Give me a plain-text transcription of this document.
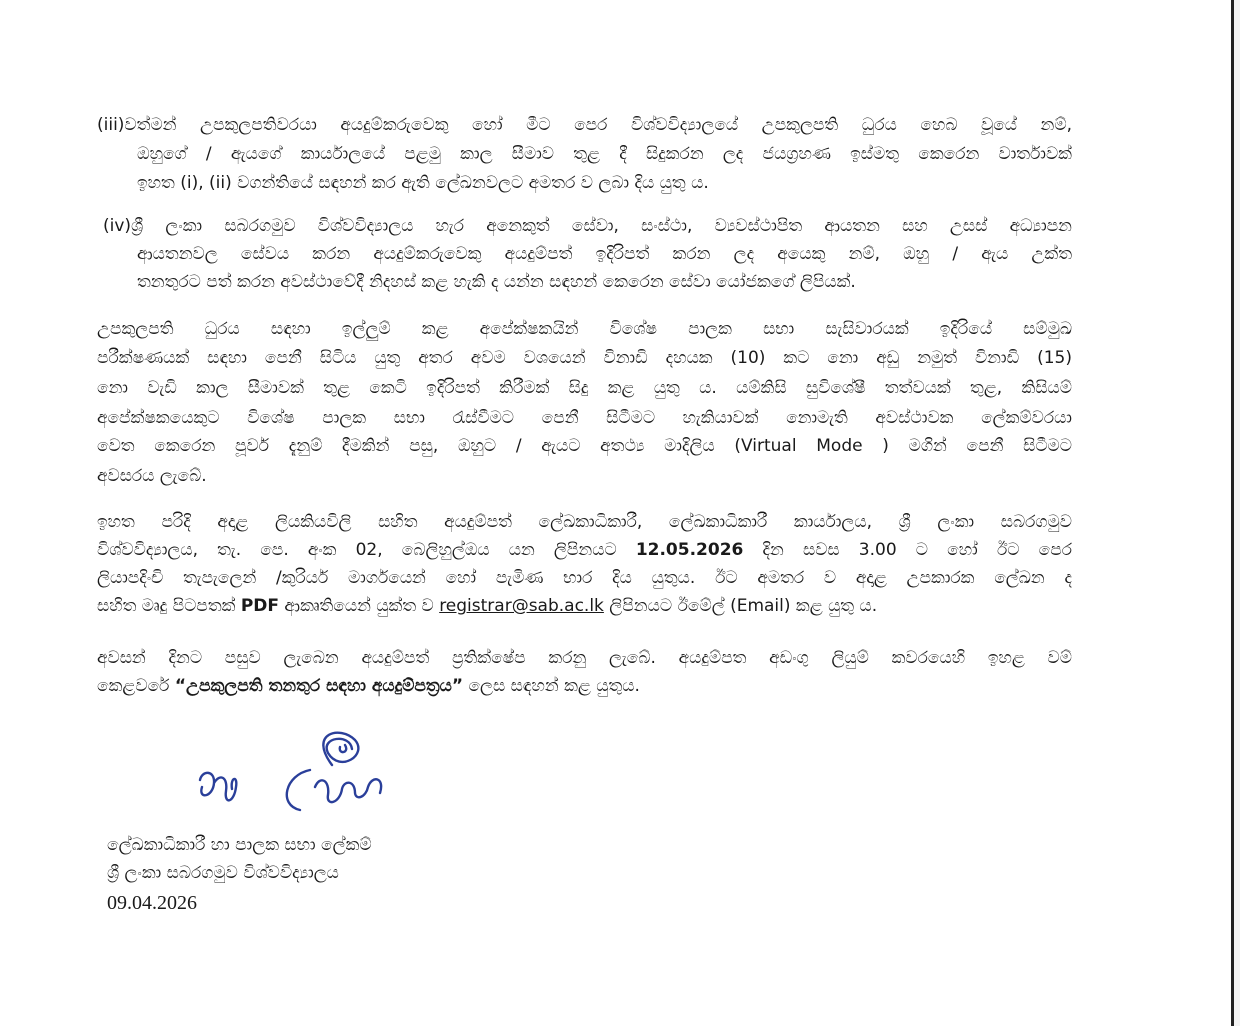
(iii)වත්මන් උපකුලපතිවරයා අයදුම්කරුවෙකු හෝ මීට පෙර විශ්වවිද්‍යාලයේ උපකුලපති ධුරය හෙබ වූයේ නම්,
ඔහුගේ / ඇයගේ කාර්යාලයේ පළමු කාල සීමාව තුළ දී සිදුකරන ලද ජයග්‍රහණ ඉස්මතු කෙරෙන වාර්තාවක්
ඉහත (i), (ii) වගන්තියේ සඳහන් කර ඇති ලේඛනවලට අමතර ව ලබා දිය යුතු ය.
(iv)ශ්‍රී ලංකා සබරගමුව විශ්වවිද්‍යාලය හැර අනෙකුත් සේවා, සංස්ථා, ව්‍යවස්ථාපිත ආයතන සහ උසස් අධ්‍යාපන
ආයතනවල සේවය කරන අයදුම්කරුවෙකු අයදුම්පත් ඉදිරිපත් කරන ලද අයෙකු නම්, ඔහු / ඇය උක්ත
තනතුරට පත් කරන අවස්ථාවේදී නිදහස් කළ හැකි ද යන්න සඳහන් කෙරෙන සේවා යෝජකගේ ලිපියක්.
උපකුලපති ධුරය සඳහා ඉල්ලුම් කළ අපේක්ෂකයින් විශේෂ පාලක සභා සැසිවාරයක් ඉදිරියේ සම්මුඛ
පරීක්ෂණයක් සඳහා පෙනී සිටිය යුතු අතර අවම වශයෙන් විනාඩි දහයක (10) කට නො අඩු නමුත් විනාඩි (15)
නො වැඩි කාල සීමාවක් තුළ කෙටි ඉදිරිපත් කිරීමක් සිදු කළ යුතු ය. යම්කිසි සුවිශේෂී තත්වයක් තුළ, කිසියම්
අපේක්ෂකයෙකුට විශේෂ පාලක සභා රැස්වීමට පෙනී සිටීමට හැකියාවක් නොමැති අවස්ථාවක ලේකම්වරයා
වෙත කෙරෙන පූර්ව දැනුම් දීමකින් පසු, ඔහුට / ඇයට අතථ්‍ය මාදිලිය (Virtual Mode ) මගින් පෙනී සිටීමට
අවසරය ලැබේ.
ඉහත පරිදි අදාළ ලියකියවිලි සහිත අයදුම්පත් ලේඛකාධිකාරී, ලේඛකාධිකාරී කාර්යාලය, ශ්‍රී ලංකා සබරගමුව
විශ්වවිද්‍යාලය, තැ. පෙ. අංක 02, බෙලිහුල්ඔය යන ලිපිනයට 12.05.2026 දින සවස 3.00 ට හෝ ඊට පෙර
ලියාපදිංචි තැපැලෙන් /කුරියර් මාර්ගයෙන් හෝ පැමිණ භාර දිය යුතුය. ඊට අමතර ව අදාළ උපකාරක ලේඛන ද
සහිත මෘදු පිටපතක් PDF ආකෘතියෙන් යුක්ත ව registrar@sab.ac.lk ලිපිනයට ඊමේල් (Email) කළ යුතු ය.
අවසන් දිනට පසුව ලැබෙන අයදුම්පත් ප්‍රතික්ෂේප කරනු ලැබේ. අයදුම්පත අඩංගු ලියුම් කවරයෙහි ඉහළ වම්
කෙළවරේ “උපකුලපති තනතුර සඳහා අයදුම්පත්‍රය” ලෙස සඳහන් කළ යුතුය.
ලේඛකාධිකාරී හා පාලක සභා ලේකම්
ශ්‍රී ලංකා සබරගමුව විශ්වවිද්‍යාලය
09.04.2026
